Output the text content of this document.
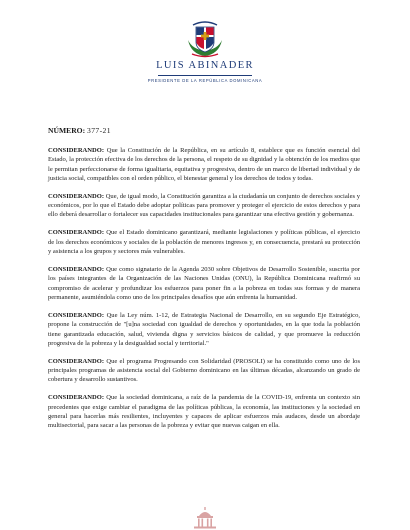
LUIS ABINADER
PRESIDENTE DE LA REPÚBLICA DOMINICANA
NÚMERO: 377-21

CONSIDERANDO: Que la Constitución de la República, en su artículo 8, establece que es función esencial del Estado, la protección efectiva de los derechos de la persona, el respeto de su dignidad y la obtención de los medios que le permitan perfeccionarse de forma igualitaria, equitativa y progresiva, dentro de un marco de libertad individual y de justicia social, compatibles con el orden público, el bienestar general y los derechos de todos y todas.

CONSIDERANDO: Que, de igual modo, la Constitución garantiza a la ciudadanía un conjunto de derechos sociales y económicos, por lo que el Estado debe adoptar políticas para promover y proteger el ejercicio de estos derechos y para ello deberá desarrollar o fortalecer sus capacidades institucionales para garantizar una efectiva gestión y gobernanza.

CONSIDERANDO: Que el Estado dominicano garantizará, mediante legislaciones y políticas públicas, el ejercicio de los derechos económicos y sociales de la población de menores ingresos y, en consecuencia, prestará su protección y asistencia a los grupos y sectores más vulnerables.

CONSIDERANDO: Que como signatario de la Agenda 2030 sobre Objetivos de Desarrollo Sostenible, suscrita por los países integrantes de la Organización de las Naciones Unidas (ONU), la República Dominicana reafirmó su compromiso de acelerar y profundizar los esfuerzos para poner fin a la pobreza en todas sus formas y de manera permanente, asumiéndola como uno de los principales desafíos que aún enfrenta la humanidad.

CONSIDERANDO: Que la Ley núm. 1-12, de Estrategia Nacional de Desarrollo, en su segundo Eje Estratégico, propone la construcción de "[u]na sociedad con igualdad de derechos y oportunidades, en la que toda la población tiene garantizada educación, salud, vivienda digna y servicios básicos de calidad, y que promueve la reducción progresiva de la pobreza y la desigualdad social y territorial."

CONSIDERANDO: Que el programa Progresando con Solidaridad (PROSOLI) se ha constituido como uno de los principales programas de asistencia social del Gobierno dominicano en las últimas décadas, alcanzando un grado de cobertura y desarrollo sustantivos.

CONSIDERANDO: Que la sociedad dominicana, a raíz de la pandemia de la COVID-19, enfrenta un contexto sin precedentes que exige cambiar el paradigma de las políticas públicas, la economía, las instituciones y la sociedad en general para hacerlas más resilientes, incluyentes y capaces de aplicar esfuerzos más audaces, desde un abordaje multisectorial, para sacar a las personas de la pobreza y evitar que nuevas caigan en ella.
